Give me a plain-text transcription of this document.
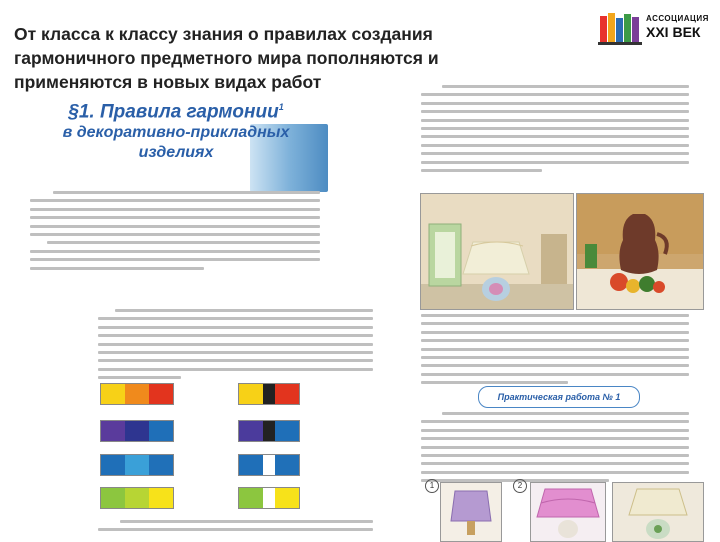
От класса к классу знания о правилах создания гармоничного предметного мира пополняются и применяются в новых видах работ
АССОЦИАЦИЯ
XXI ВЕК
§1. Правила гармонии$^1$
в декоративно-прикладных
изделиях
Практическая работа № 1
1	2
